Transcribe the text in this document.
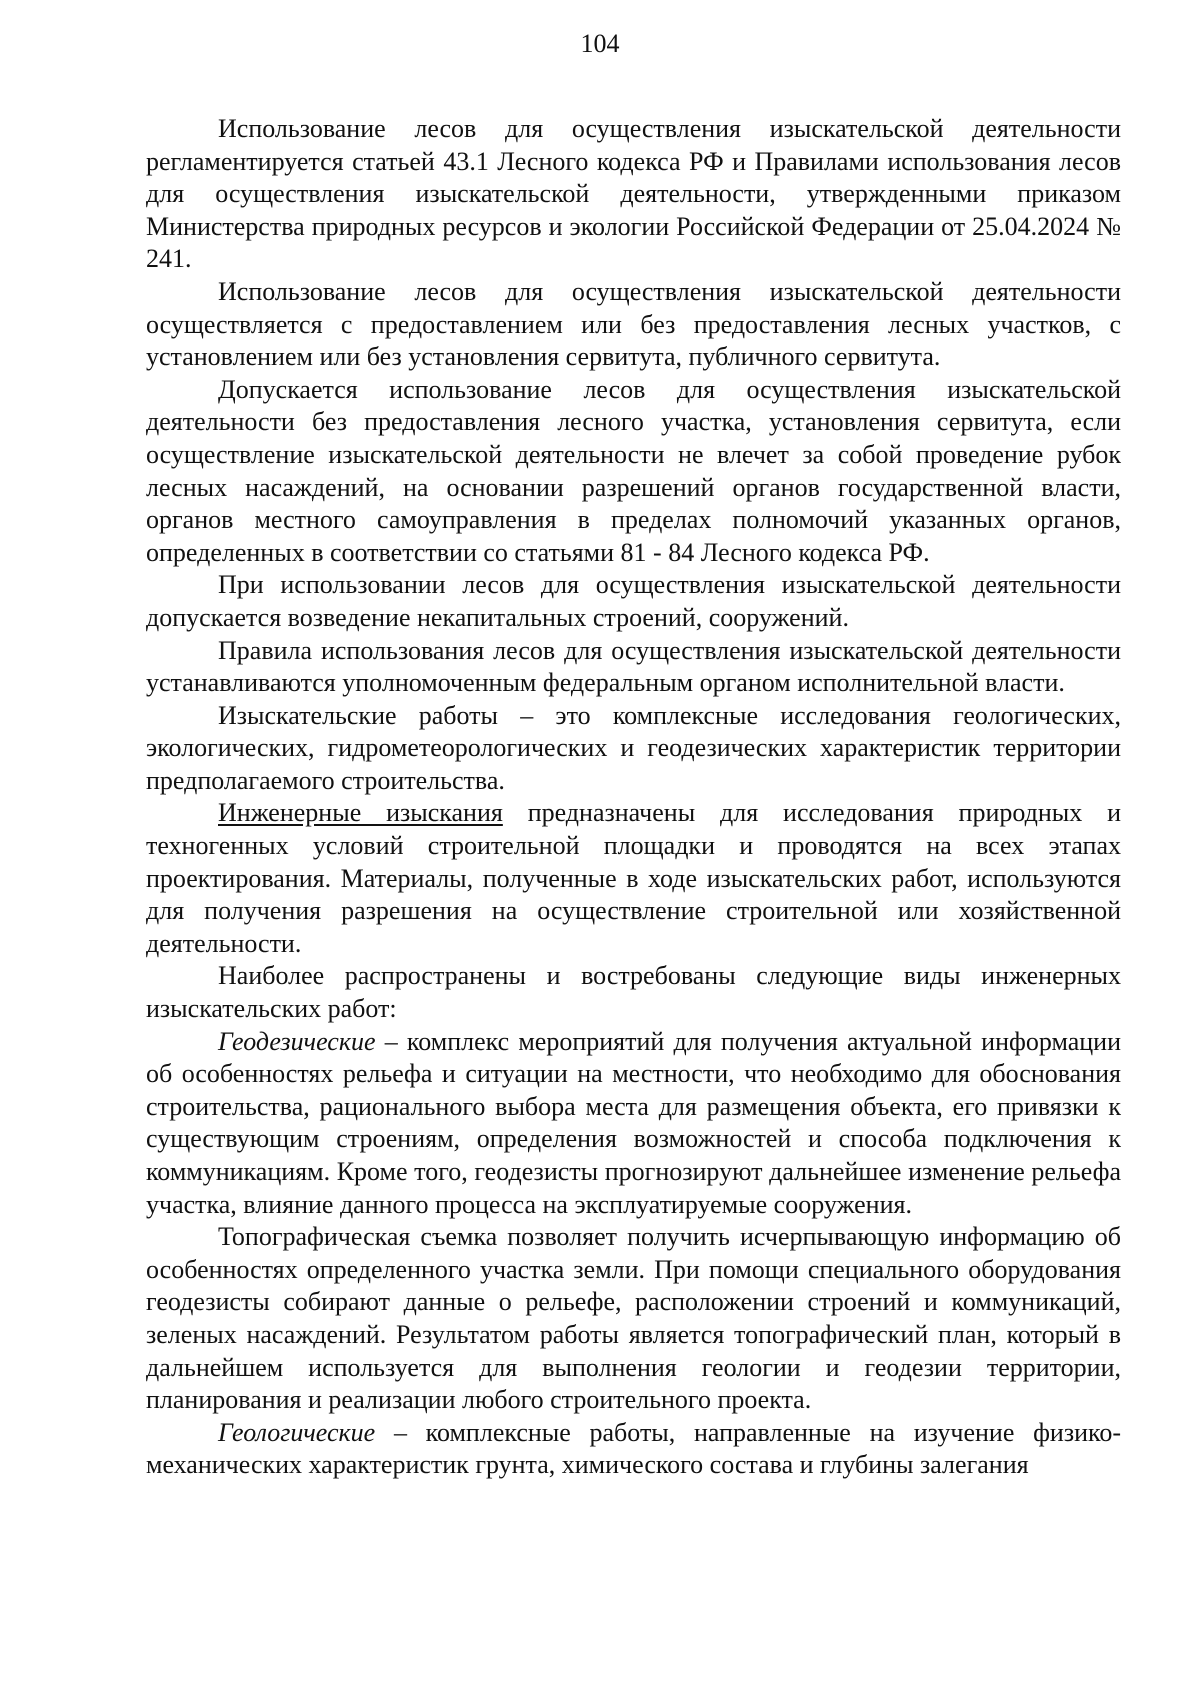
104

Использование лесов для осуществления изыскательской деятельности регламентируется статьей 43.1 Лесного кодекса РФ и Правилами использования лесов для осуществления изыскательской деятельности, утвержденными приказом Министерства природных ресурсов и экологии Российской Федерации от 25.04.2024 № 241.

Использование лесов для осуществления изыскательской деятельности осуществляется с предоставлением или без предоставления лесных участков, с установлением или без установления сервитута, публичного сервитута.

Допускается использование лесов для осуществления изыскательской деятельности без предоставления лесного участка, установления сервитута, если осуществление изыскательской деятельности не влечет за собой проведение рубок лесных насаждений, на основании разрешений органов государственной власти, органов местного самоуправления в пределах полномочий указанных органов, определенных в соответствии со статьями 81 - 84 Лесного кодекса РФ.

При использовании лесов для осуществления изыскательской деятельности допускается возведение некапитальных строений, сооружений.

Правила использования лесов для осуществления изыскательской деятельности устанавливаются уполномоченным федеральным органом исполнительной власти.

Изыскательские работы – это комплексные исследования геологических, экологических, гидрометеорологических и геодезических характеристик территории предполагаемого строительства.

Инженерные изыскания предназначены для исследования природных и техногенных условий строительной площадки и проводятся на всех этапах проектирования. Материалы, полученные в ходе изыскательских работ, используются для получения разрешения на осуществление строительной или хозяйственной деятельности.

Наиболее распространены и востребованы следующие виды инженерных изыскательских работ:

Геодезические – комплекс мероприятий для получения актуальной информации об особенностях рельефа и ситуации на местности, что необходимо для обоснования строительства, рационального выбора места для размещения объекта, его привязки к существующим строениям, определения возможностей и способа подключения к коммуникациям. Кроме того, геодезисты прогнозируют дальнейшее изменение рельефа участка, влияние данного процесса на эксплуатируемые сооружения.

Топографическая съемка позволяет получить исчерпывающую информацию об особенностях определенного участка земли. При помощи специального оборудования геодезисты собирают данные о рельефе, расположении строений и коммуникаций, зеленых насаждений. Результатом работы является топографический план, который в дальнейшем используется для выполнения геологии и геодезии территории, планирования и реализации любого строительного проекта.

Геологические – комплексные работы, направленные на изучение физико-механических характеристик грунта, химического состава и глубины залегания
